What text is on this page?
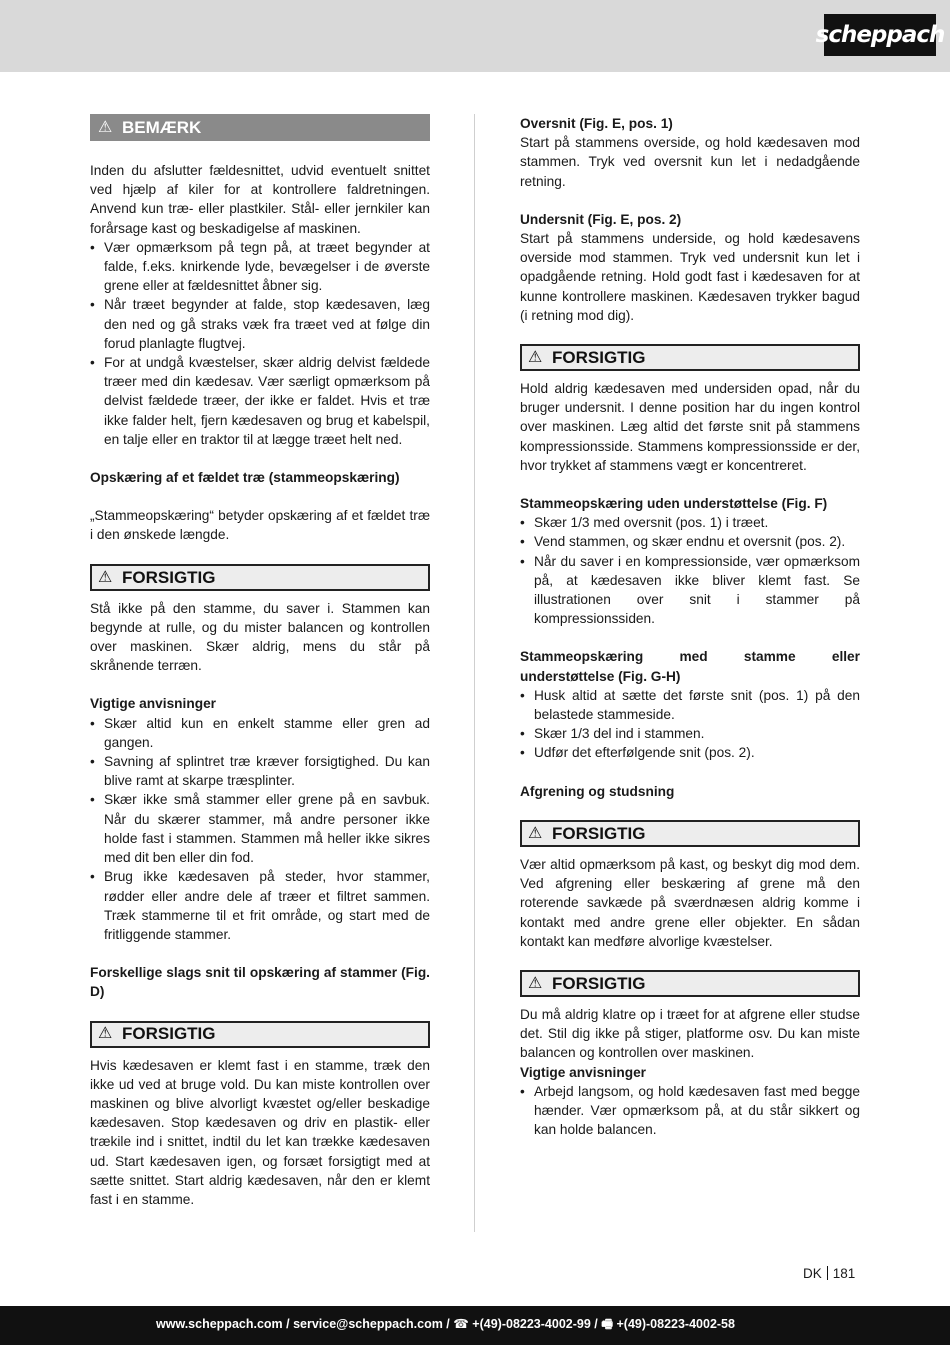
scheppach
⚠ BEMÆRK

Inden du afslutter fældesnittet, udvid eventuelt snittet ved hjælp af kiler for at kontrollere faldretningen. Anvend kun træ- eller plastkiler. Stål- eller jernkiler kan forårsage kast og beskadigelse af maskinen.

• Vær opmærksom på tegn på, at træet begynder at falde, f.eks. knirkende lyde, bevægelser i de øverste grene eller at fældesnittet åbner sig.
• Når træet begynder at falde, stop kædesaven, læg den ned og gå straks væk fra træet ved at følge din forud planlagte flugtvej.
• For at undgå kvæstelser, skær aldrig delvist fældede træer med din kædesav. Vær særligt opmærksom på delvist fældede træer, der ikke er faldet. Hvis et træ ikke falder helt, fjern kædesaven og brug et kabelspil, en talje eller en traktor til at lægge træet helt ned.

Opskæring af et fældet træ (stammeopskæring)

„Stammeopskæring“ betyder opskæring af et fældet træ i den ønskede længde.

⚠ FORSIGTIG

Stå ikke på den stamme, du saver i. Stammen kan begynde at rulle, og du mister balancen og kontrollen over maskinen. Skær aldrig, mens du står på skrånende terræn.

Vigtige anvisninger

• Skær altid kun en enkelt stamme eller gren ad gangen.
• Savning af splintret træ kræver forsigtighed. Du kan blive ramt at skarpe træsplinter.
• Skær ikke små stammer eller grene på en savbuk. Når du skærer stammer, må andre personer ikke holde fast i stammen. Stammen må heller ikke sikres med dit ben eller din fod.
• Brug ikke kædesaven på steder, hvor stammer, rødder eller andre dele af træer et filtret sammen. Træk stammerne til et frit område, og start med de fritliggende stammer.

Forskellige slags snit til opskæring af stammer (Fig. D)

⚠ FORSIGTIG

Hvis kædesaven er klemt fast i en stamme, træk den ikke ud ved at bruge vold. Du kan miste kontrollen over maskinen og blive alvorligt kvæstet og/eller beskadige kædesaven. Stop kædesaven og driv en plastik- eller trækile ind i snittet, indtil du let kan trække kædesaven ud. Start kædesaven igen, og forsæt forsigtigt med at sætte snittet. Start aldrig kædesaven, når den er klemt fast i en stamme.

Oversnit (Fig. E, pos. 1)

Start på stammens overside, og hold kædesaven mod stammen. Tryk ved oversnit kun let i nedadgående retning.

Undersnit (Fig. E, pos. 2)

Start på stammens underside, og hold kædesavens overside mod stammen. Tryk ved undersnit kun let i opadgående retning. Hold godt fast i kædesaven for at kunne kontrollere maskinen. Kædesaven trykker bagud (i retning mod dig).

⚠ FORSIGTIG

Hold aldrig kædesaven med undersiden opad, når du bruger undersnit. I denne position har du ingen kontrol over maskinen. Læg altid det første snit på stammens kompressionsside. Stammens kompressionsside er der, hvor trykket af stammens vægt er koncentreret.

Stammeopskæring uden understøttelse (Fig. F)

• Skær 1/3 med oversnit (pos. 1) i træet.
• Vend stammen, og skær endnu et oversnit (pos. 2).
• Når du saver i en kompressionside, vær opmærksom på, at kædesaven ikke bliver klemt fast. Se illustrationen over snit i stammer på kompressionssiden.

Stammeopskæring med stamme eller understøttelse (Fig. G-H)

• Husk altid at sætte det første snit (pos. 1) på den belastede stammeside.
• Skær 1/3 del ind i stammen.
• Udfør det efterfølgende snit (pos. 2).

Afgrening og studsning

⚠ FORSIGTIG

Vær altid opmærksom på kast, og beskyt dig mod dem. Ved afgrening eller beskæring af grene må den roterende savkæde på sværdnæsen aldrig komme i kontakt med andre grene eller objekter. En sådan kontakt kan medføre alvorlige kvæstelser.

⚠ FORSIGTIG

Du må aldrig klatre op i træet for at afgrene eller studse det. Stil dig ikke på stiger, platforme osv. Du kan miste balancen og kontrollen over maskinen.

Vigtige anvisninger

• Arbejd langsom, og hold kædesaven fast med begge hænder. Vær opmærksom på, at du står sikkert og kan holde balancen.
DK 181
www.scheppach.com / service@scheppach.com / ☎ +(49)-08223-4002-99 / 🖷 +(49)-08223-4002-58
